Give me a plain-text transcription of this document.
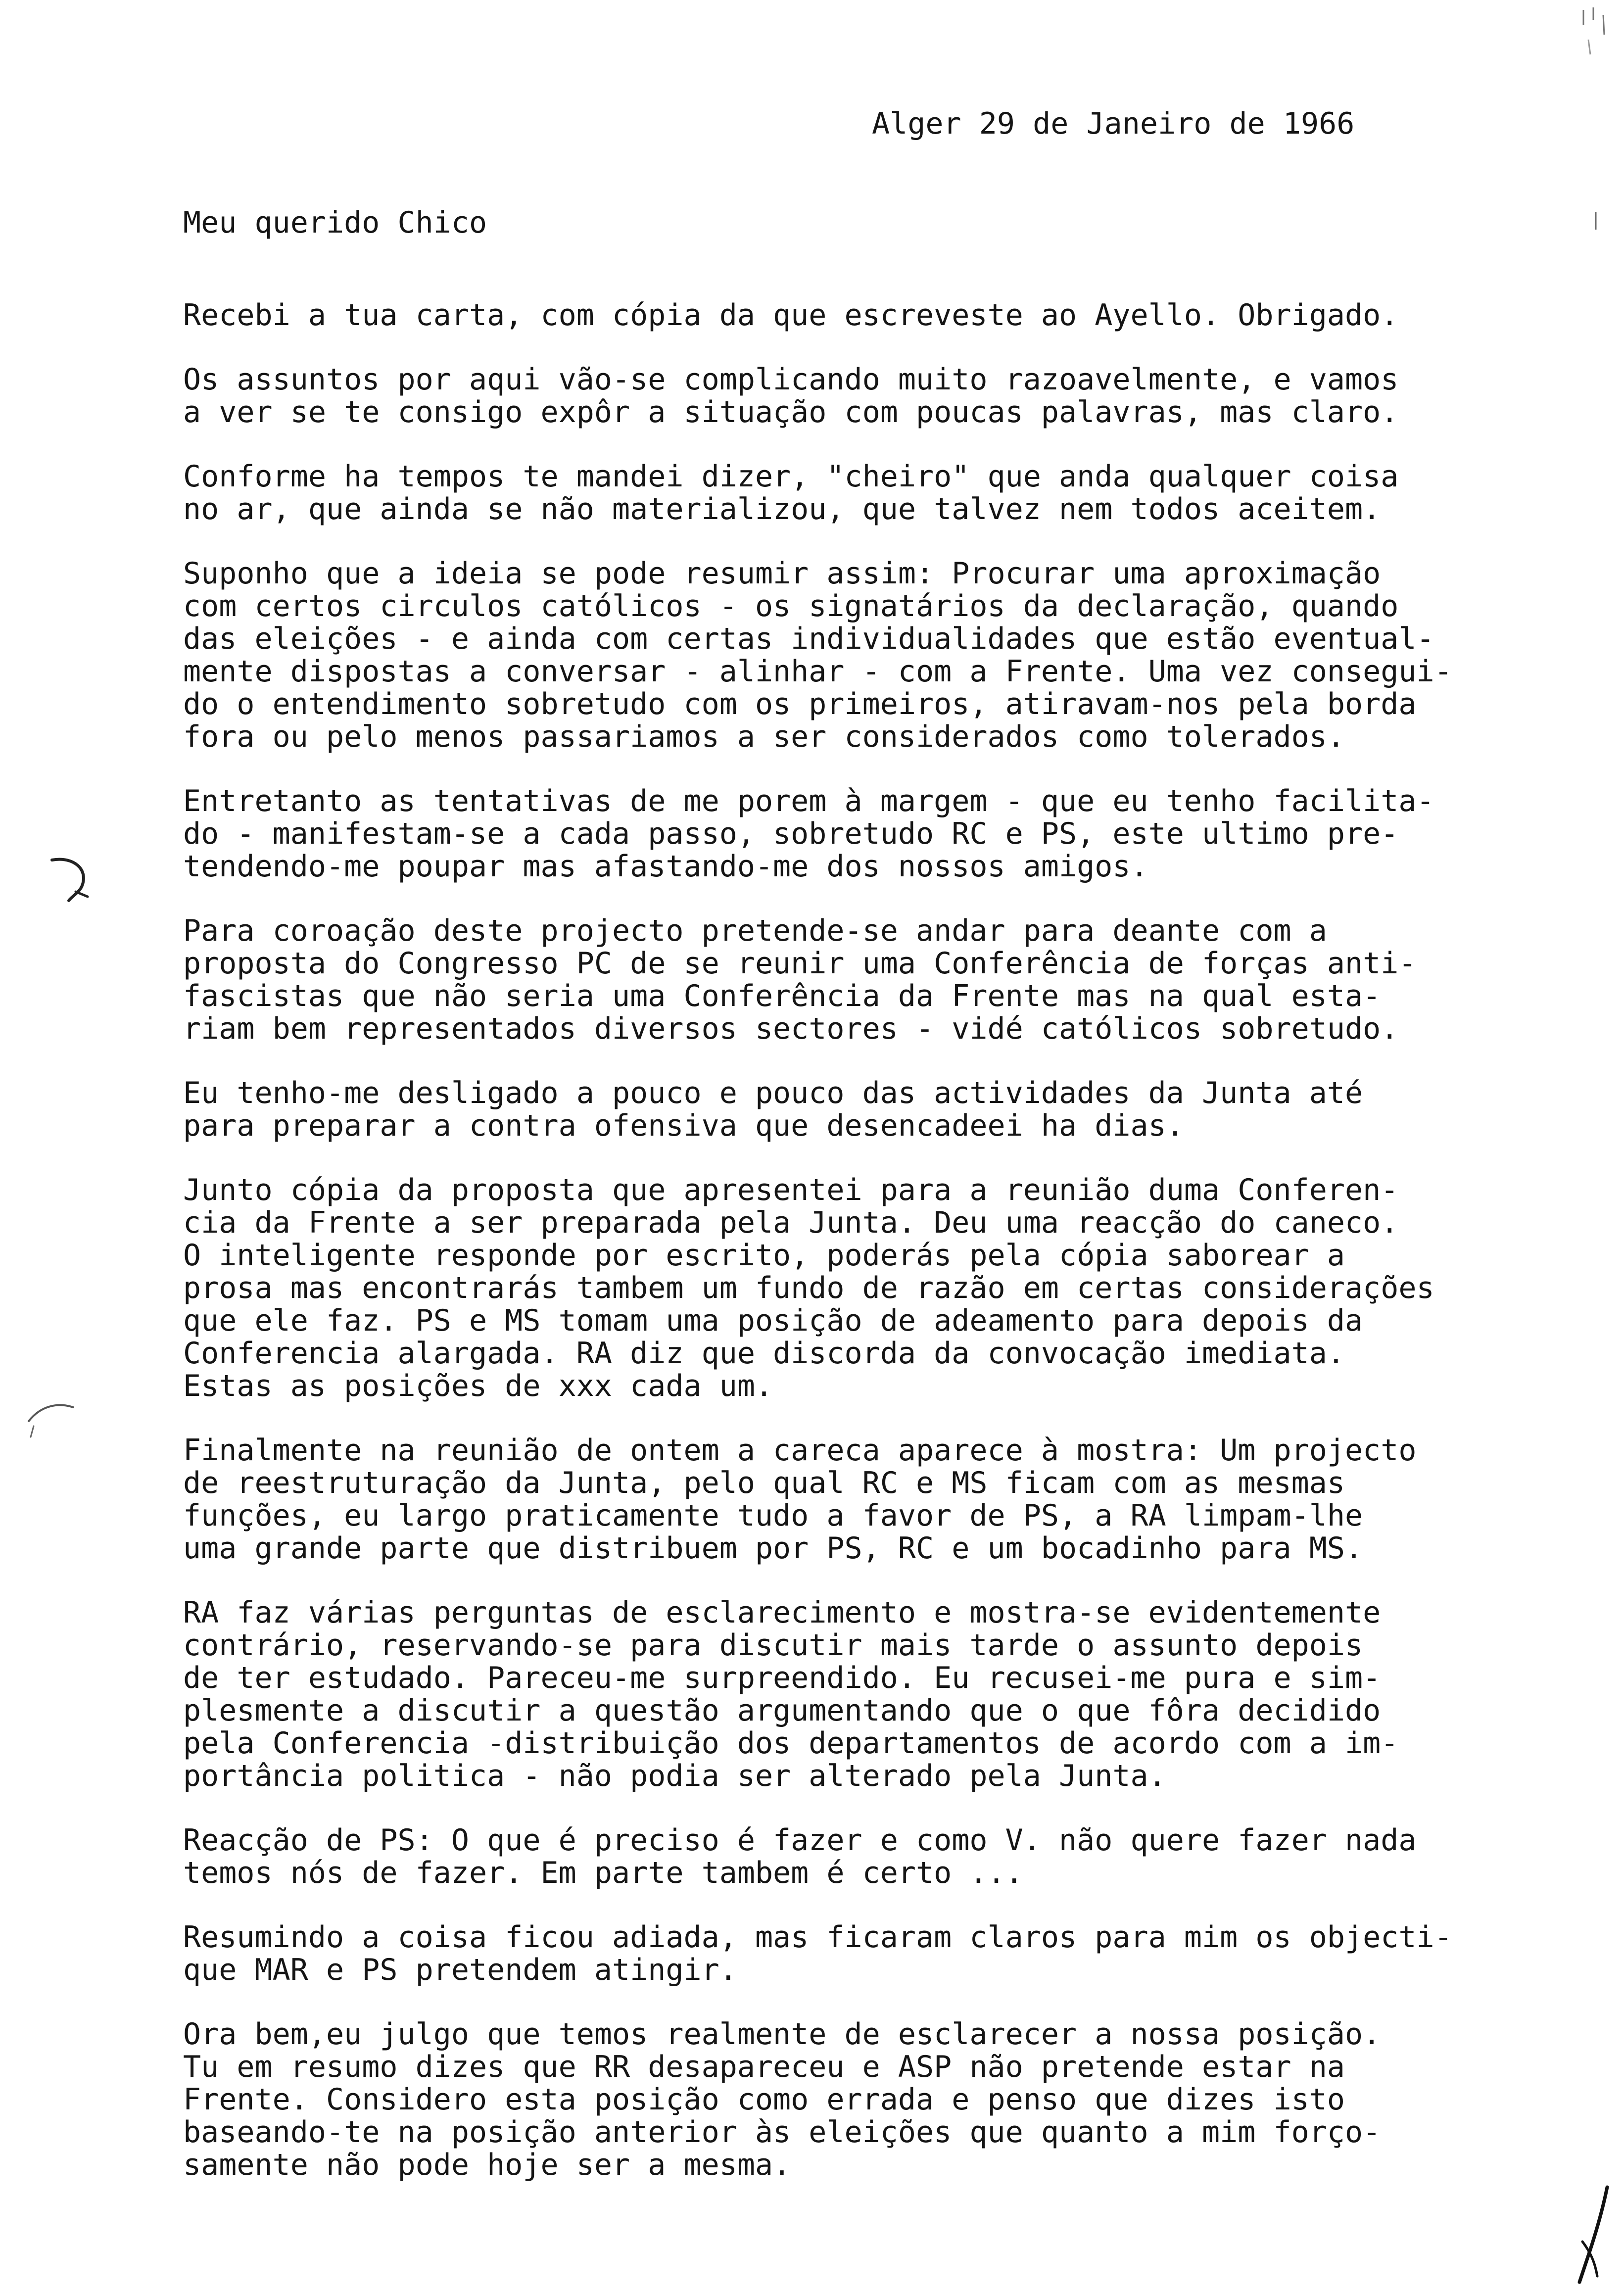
Alger 29 de Janeiro de 1966
Meu querido Chico
Recebi a tua carta, com cópia da que escreveste ao Ayello. Obrigado.
Os assuntos por aqui vão-se complicando muito razoavelmente, e vamos
a ver se te consigo expôr a situação com poucas palavras, mas claro.
Conforme ha tempos te mandei dizer, "cheiro" que anda qualquer coisa
no ar, que ainda se não materializou, que talvez nem todos aceitem.
Suponho que a ideia se pode resumir assim: Procurar uma aproximação
com certos circulos católicos - os signatários da declaração, quando
das eleições - e ainda com certas individualidades que estão eventual-
mente dispostas a conversar - alinhar - com a Frente. Uma vez consegui-
do o entendimento sobretudo com os primeiros, atiravam-nos pela borda
fora ou pelo menos passariamos a ser considerados como tolerados.
Entretanto as tentativas de me porem à margem - que eu tenho facilita-
do - manifestam-se a cada passo, sobretudo RC e PS, este ultimo pre-
tendendo-me poupar mas afastando-me dos nossos amigos.
Para coroação deste projecto pretende-se andar para deante com a
proposta do Congresso PC de se reunir uma Conferência de forças anti-
fascistas que não seria uma Conferência da Frente mas na qual esta-
riam bem representados diversos sectores - vidé católicos sobretudo.
Eu tenho-me desligado a pouco e pouco das actividades da Junta até
para preparar a contra ofensiva que desencadeei ha dias.
Junto cópia da proposta que apresentei para a reunião duma Conferen-
cia da Frente a ser preparada pela Junta. Deu uma reacção do caneco.
O inteligente responde por escrito, poderás pela cópia saborear a
prosa mas encontrarás tambem um fundo de razão em certas considerações
que ele faz. PS e MS tomam uma posição de adeamento para depois da
Conferencia alargada. RA diz que discorda da convocação imediata.
Estas as posições de xxx cada um.
Finalmente na reunião de ontem a careca aparece à mostra: Um projecto
de reestruturação da Junta, pelo qual RC e MS ficam com as mesmas
funções, eu largo praticamente tudo a favor de PS, a RA limpam-lhe
uma grande parte que distribuem por PS, RC e um bocadinho para MS.
RA faz várias perguntas de esclarecimento e mostra-se evidentemente
contrário, reservando-se para discutir mais tarde o assunto depois
de ter estudado. Pareceu-me surpreendido. Eu recusei-me pura e sim-
plesmente a discutir a questão argumentando que o que fôra decidido
pela Conferencia -distribuição dos departamentos de acordo com a im-
portância politica - não podia ser alterado pela Junta.
Reacção de PS: O que é preciso é fazer e como V. não quere fazer nada
temos nós de fazer. Em parte tambem é certo ...
Resumindo a coisa ficou adiada, mas ficaram claros para mim os objecti-
que MAR e PS pretendem atingir.
Ora bem,eu julgo que temos realmente de esclarecer a nossa posição.
Tu em resumo dizes que RR desapareceu e ASP não pretende estar na
Frente. Considero esta posição como errada e penso que dizes isto
baseando-te na posição anterior às eleições que quanto a mim forço-
samente não pode hoje ser a mesma.
